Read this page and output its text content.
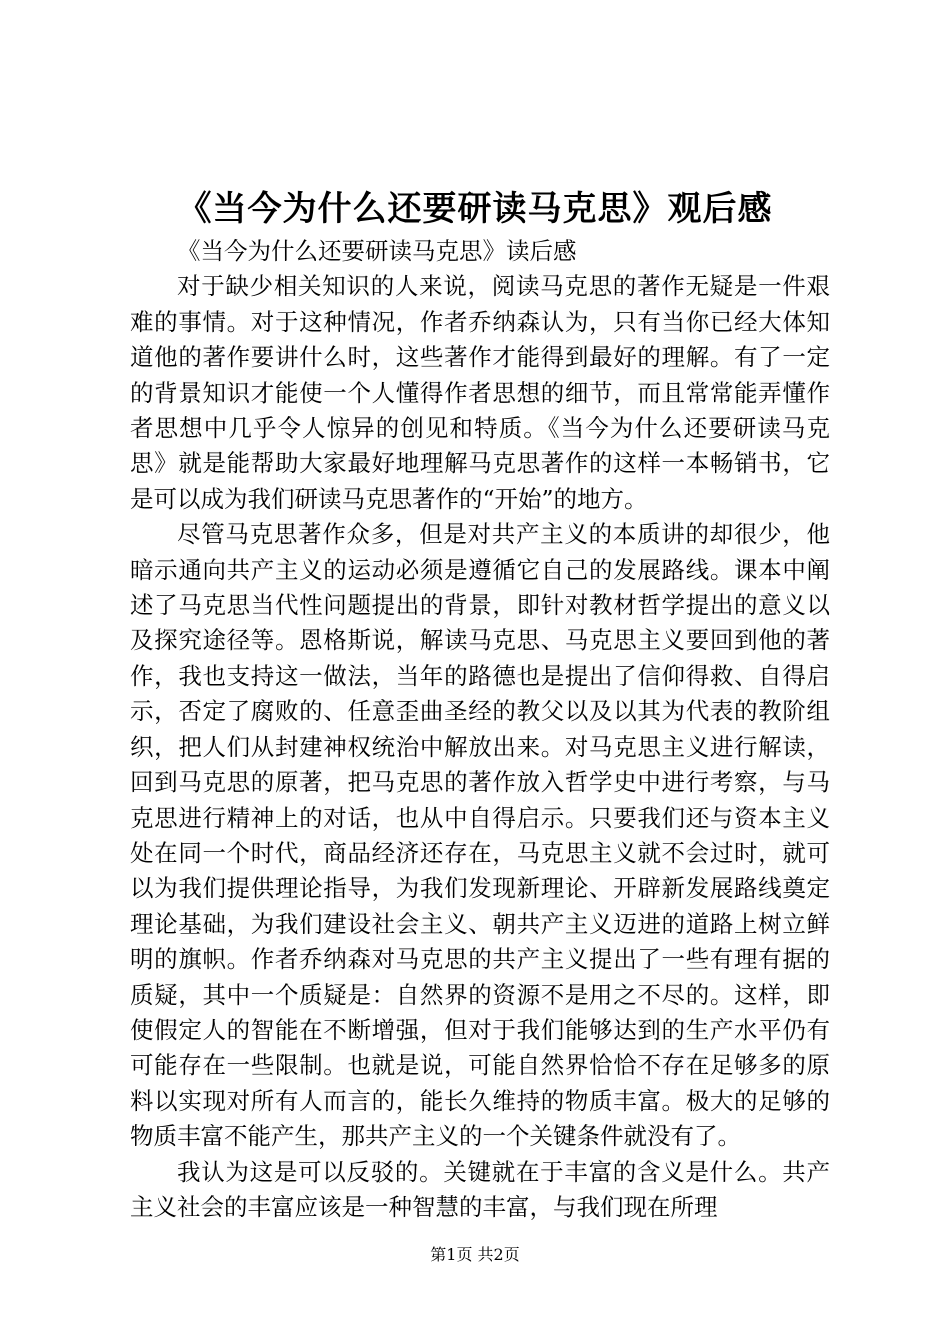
《当今为什么还要研读马克思》观后感

《当今为什么还要研读马克思》读后感

对于缺少相关知识的人来说，阅读马克思的著作无疑是一件艰难的事情。对于这种情况，作者乔纳森认为，只有当你已经大体知道他的著作要讲什么时，这些著作才能得到最好的理解。有了一定的背景知识才能使一个人懂得作者思想的细节，而且常常能弄懂作者思想中几乎令人惊异的创见和特质。《当今为什么还要研读马克思》就是能帮助大家最好地理解马克思著作的这样一本畅销书，它是可以成为我们研读马克思著作的“开始”的地方。

尽管马克思著作众多，但是对共产主义的本质讲的却很少，他暗示通向共产主义的运动必须是遵循它自己的发展路线。课本中阐述了马克思当代性问题提出的背景，即针对教材哲学提出的意义以及探究途径等。恩格斯说，解读马克思、马克思主义要回到他的著作，我也支持这一做法，当年的路德也是提出了信仰得救、自得启示，否定了腐败的、任意歪曲圣经的教父以及以其为代表的教阶组织，把人们从封建神权统治中解放出来。对马克思主义进行解读，回到马克思的原著，把马克思的著作放入哲学史中进行考察，与马克思进行精神上的对话，也从中自得启示。只要我们还与资本主义处在同一个时代，商品经济还存在，马克思主义就不会过时，就可以为我们提供理论指导，为我们发现新理论、开辟新发展路线奠定理论基础，为我们建设社会主义、朝共产主义迈进的道路上树立鲜明的旗帜。作者乔纳森对马克思的共产主义提出了一些有理有据的质疑，其中一个质疑是：自然界的资源不是用之不尽的。这样，即使假定人的智能在不断增强，但对于我们能够达到的生产水平仍有可能存在一些限制。也就是说，可能自然界恰恰不存在足够多的原料以实现对所有人而言的，能长久维持的物质丰富。极大的足够的物质丰富不能产生，那共产主义的一个关键条件就没有了。

我认为这是可以反驳的。关键就在于丰富的含义是什么。共产主义社会的丰富应该是一种智慧的丰富，与我们现在所理

第1页 共2页
